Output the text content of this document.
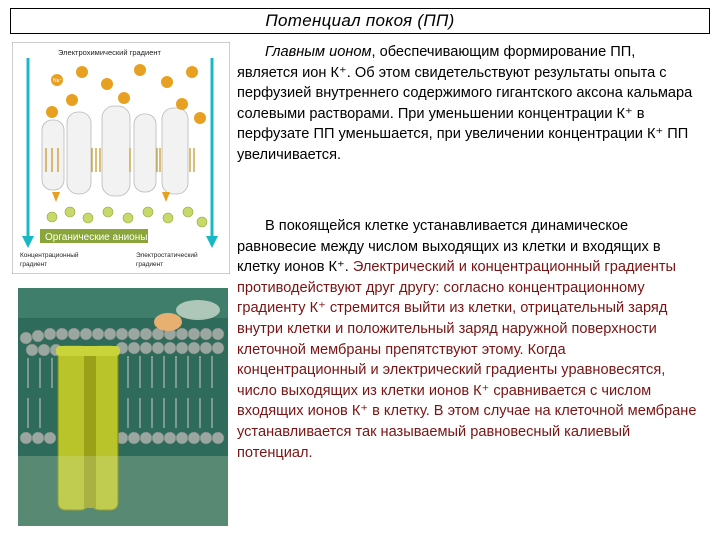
Потенциал покоя (ПП)
Электрохимический градиент
Na⁺
Органические анионы
Концентрационный градиент
Электростатический градиент
Главным ионом, обеспечивающим формирование ПП, является ион К⁺. Об этом свидетельствуют результаты опыта с перфузией внутреннего содержимого гигантского аксона кальмара солевыми растворами. При уменьшении концентрации К⁺ в перфузате ПП уменьшается, при увеличении концентрации К⁺ ПП увеличивается.
В покоящейся клетке устанавливается динамическое равновесие между числом выходящих из клетки и входящих в клетку ионов К⁺. Электрический и концентрационный градиенты противодействуют друг другу: согласно концентрационному градиенту К⁺ стремится выйти из клетки, отрицательный заряд внутри клетки и положительный заряд наружной поверхности клеточной мембраны препятствуют этому. Когда концентрационный и электрический градиенты уравновесятся, число выходящих из клетки ионов К⁺ сравнивается с числом входящих ионов К⁺ в клетку. В этом случае на клеточной мембране устанавливается так называемый равновесный калиевый потенциал.
